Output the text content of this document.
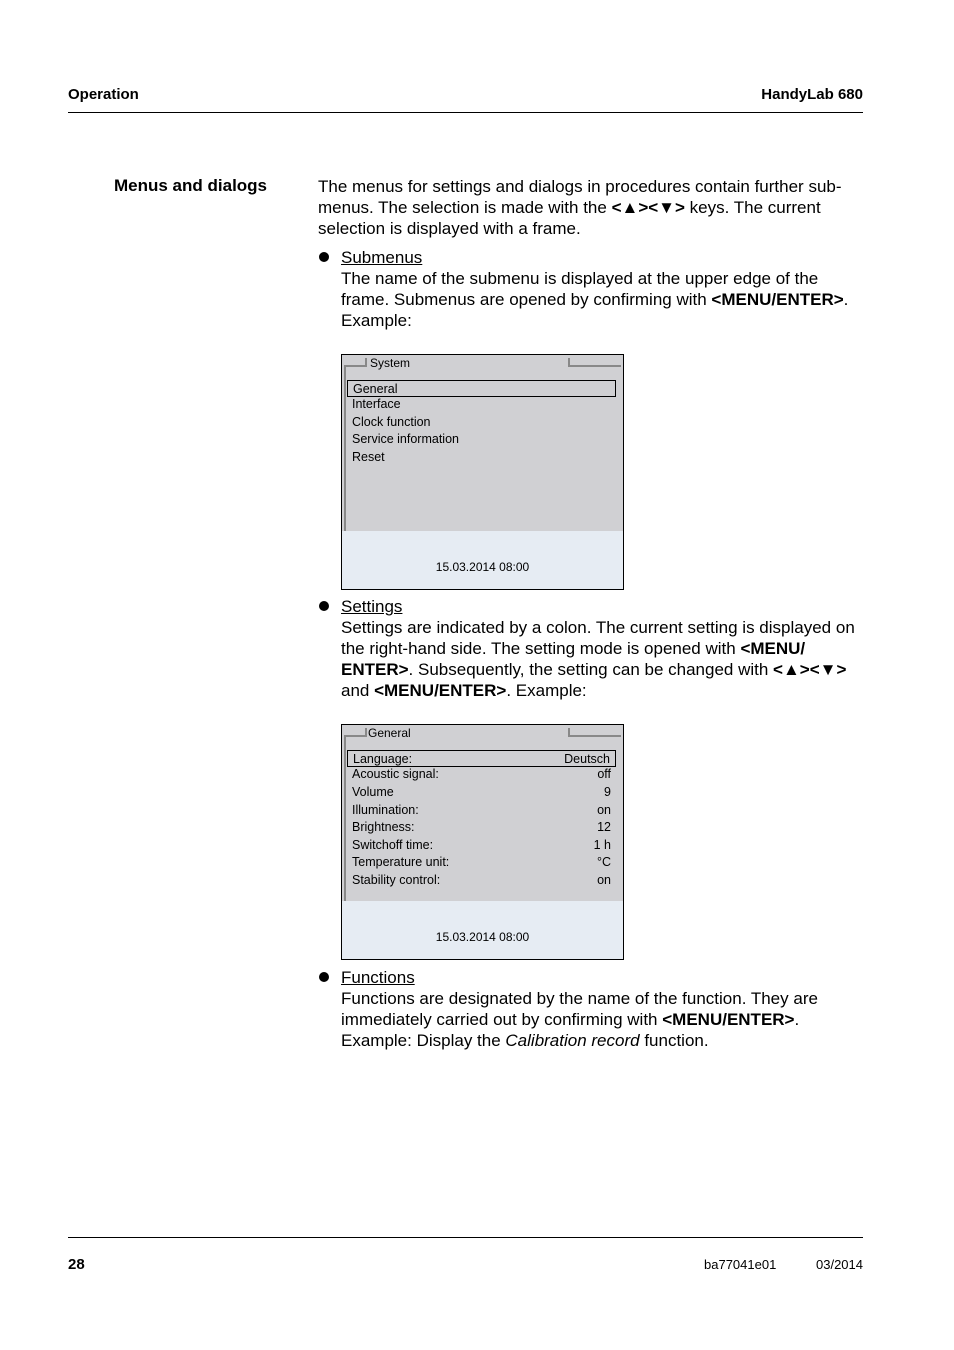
Operation	HandyLab 680
Menus and dialogs	The menus for settings and dialogs in procedures contain further sub-
menus. The selection is made with the <▲><▼> keys. The current
selection is displayed with a frame.
Submenus
The name of the submenu is displayed at the upper edge of the
frame. Submenus are opened by confirming with <MENU/ENTER>.
Example:
System
General
Interface
Clock function
Service information
Reset
15.03.2014 08:00
Settings
Settings are indicated by a colon. The current setting is displayed on
the right-hand side. The setting mode is opened with <MENU/
ENTER>. Subsequently, the setting can be changed with <▲><▼>
and <MENU/ENTER>. Example:
General
Language:	Deutsch
Acoustic signal:	off
Volume	9
Illumination:	on
Brightness:	12
Switchoff time:	1 h
Temperature unit:	°C
Stability control:	on
15.03.2014 08:00
Functions
Functions are designated by the name of the function. They are
immediately carried out by confirming with <MENU/ENTER>.
Example: Display the Calibration record function.
28	ba77041e01	03/2014
